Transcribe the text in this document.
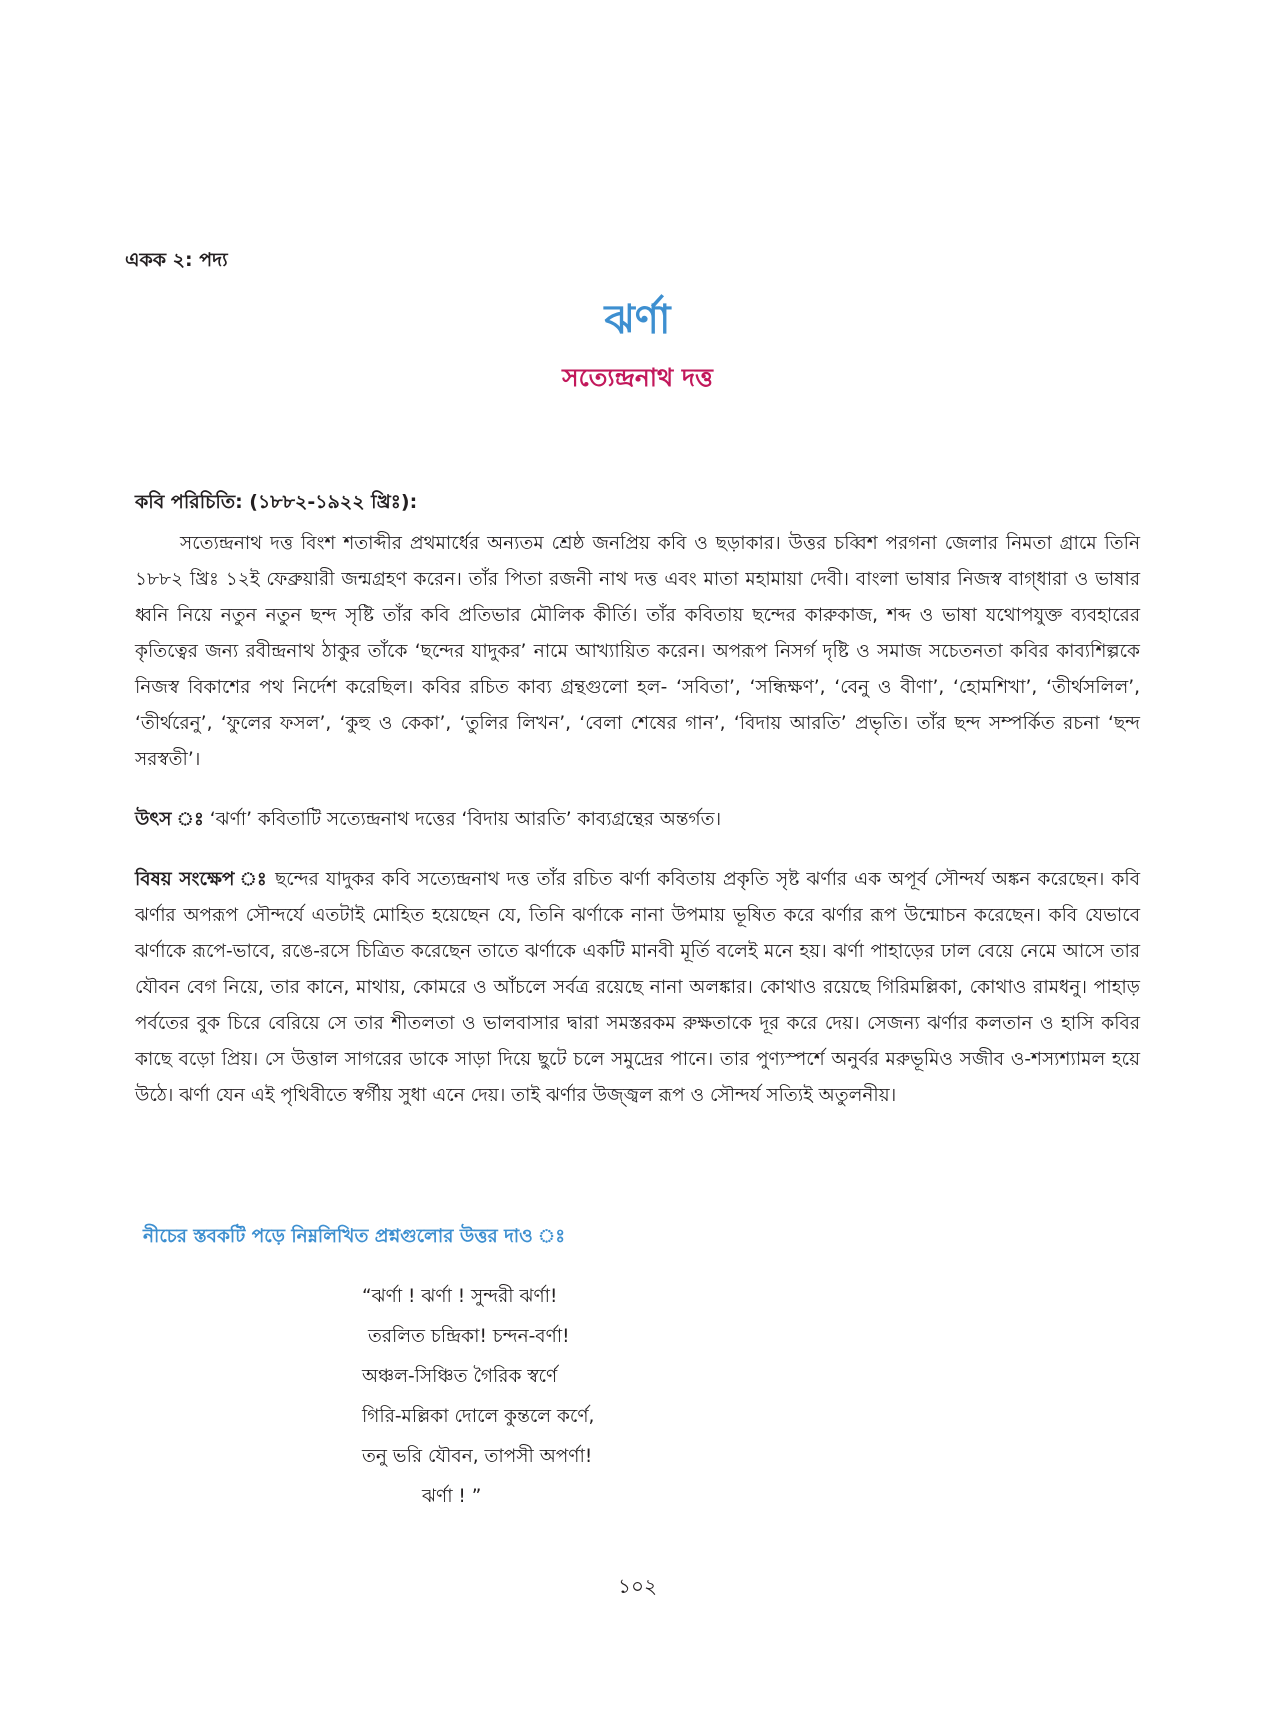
একক ২: পদ্য
ঝর্ণা
সত্যেন্দ্রনাথ দত্ত
কবি পরিচিতি: (১৮৮২-১৯২২ খ্রিঃ):
সত্যেন্দ্রনাথ দত্ত বিংশ শতাব্দীর প্রথমার্ধের অন্যতম শ্রেষ্ঠ জনপ্রিয় কবি ও ছড়াকার। উত্তর চব্বিশ পরগনা জেলার নিমতা গ্রামে তিনি ১৮৮২ খ্রিঃ ১২ই ফেব্রুয়ারী জন্মগ্রহণ করেন। তাঁর পিতা রজনী নাথ দত্ত এবং মাতা মহামায়া দেবী। বাংলা ভাষার নিজস্ব বাগ্‌ধারা ও ভাষার ধ্বনি নিয়ে নতুন নতুন ছন্দ সৃষ্টি তাঁর কবি প্রতিভার মৌলিক কীর্তি। তাঁর কবিতায় ছন্দের কারুকাজ, শব্দ ও ভাষা যথোপযুক্ত ব্যবহারের কৃতিত্বের জন্য রবীন্দ্রনাথ ঠাকুর তাঁকে ‘ছন্দের যাদুকর’ নামে আখ্যায়িত করেন। অপরূপ নিসর্গ দৃষ্টি ও সমাজ সচেতনতা কবির কাব্যশিল্পকে নিজস্ব বিকাশের পথ নির্দেশ করেছিল। কবির রচিত কাব্য গ্রন্থগুলো হল- ‘সবিতা’, ‘সন্ধিক্ষণ’, ‘বেনু ও বীণা’, ‘হোমশিখা’, ‘তীর্থসলিল’, ‘তীর্থরেনু’, ‘ফুলের ফসল’, ‘কুহু ও কেকা’, ‘তুলির লিখন’, ‘বেলা শেষের গান’, ‘বিদায় আরতি’ প্রভৃতি। তাঁর ছন্দ সম্পর্কিত রচনা ‘ছন্দ সরস্বতী’।
উৎস ঃ ‘ঝর্ণা’ কবিতাটি সত্যেন্দ্রনাথ দত্তের ‘বিদায় আরতি’ কাব্যগ্রন্থের অন্তর্গত।
বিষয় সংক্ষেপ ঃ ছন্দের যাদুকর কবি সত্যেন্দ্রনাথ দত্ত তাঁর রচিত ঝর্ণা কবিতায় প্রকৃতি সৃষ্ট ঝর্ণার এক অপূর্ব সৌন্দর্য অঙ্কন করেছেন। কবি ঝর্ণার অপরূপ সৌন্দর্যে এতটাই মোহিত হয়েছেন যে, তিনি ঝর্ণাকে নানা উপমায় ভূষিত করে ঝর্ণার রূপ উন্মোচন করেছেন। কবি যেভাবে ঝর্ণাকে রূপে-ভাবে, রঙে-রসে চিত্রিত করেছেন তাতে ঝর্ণাকে একটি মানবী মূর্তি বলেই মনে হয়। ঝর্ণা পাহাড়ের ঢাল বেয়ে নেমে আসে তার যৌবন বেগ নিয়ে, তার কানে, মাথায়, কোমরে ও আঁচলে সর্বত্র রয়েছে নানা অলঙ্কার। কোথাও রয়েছে গিরিমল্লিকা, কোথাও রামধনু। পাহাড় পর্বতের বুক চিরে বেরিয়ে সে তার শীতলতা ও ভালবাসার দ্বারা সমস্তরকম রুক্ষতাকে দূর করে দেয়। সেজন্য ঝর্ণার কলতান ও হাসি কবির কাছে বড়ো প্রিয়। সে উত্তাল সাগরের ডাকে সাড়া দিয়ে ছুটে চলে সমুদ্রের পানে। তার পুণ্যস্পর্শে অনুর্বর মরুভূমিও সজীব ও-শস্যশ্যামল হয়ে উঠে। ঝর্ণা যেন এই পৃথিবীতে স্বর্গীয় সুধা এনে দেয়। তাই ঝর্ণার উজ্জ্বল রূপ ও সৌন্দর্য সত্যিই অতুলনীয়।
নীচের স্তবকটি পড়ে নিম্নলিখিত প্রশ্নগুলোর উত্তর দাও ঃ
“ঝর্ণা ! ঝর্ণা ! সুন্দরী ঝর্ণা!
তরলিত চন্দ্রিকা! চন্দন-বর্ণা!
অঞ্চল-সিঞ্চিত গৈরিক স্বর্ণে
গিরি-মল্লিকা দোলে কুন্তলে কর্ণে,
তনু ভরি যৌবন, তাপসী অপর্ণা!
ঝর্ণা ! ”
১০২
